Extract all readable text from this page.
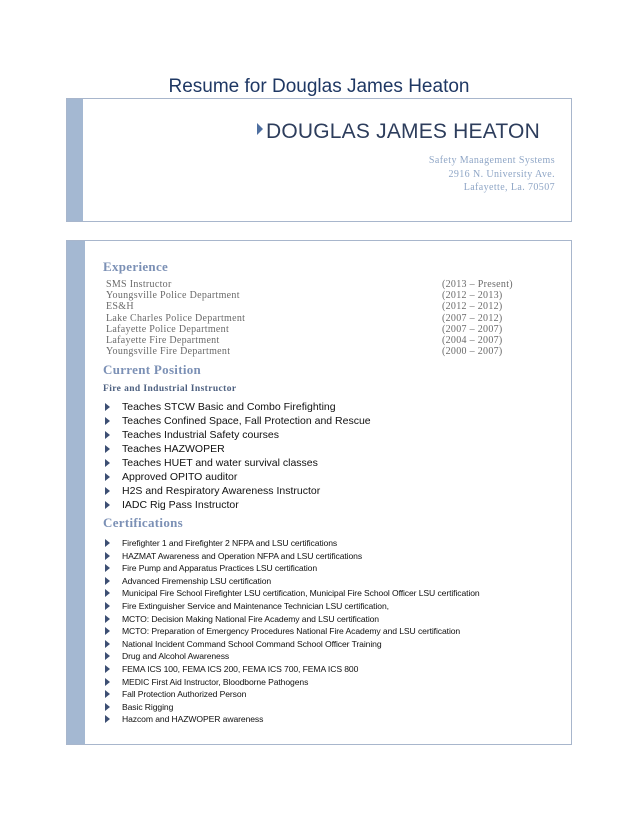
Resume for Douglas James Heaton
DOUGLAS JAMES HEATON
Safety Management Systems
2916 N. University Ave.
Lafayette, La. 70507
Experience
SMS Instructor	(2013 – Present)
Youngsville Police Department	(2012 – 2013)
ES&H	(2012 – 2012)
Lake Charles Police Department	(2007 – 2012)
Lafayette Police Department	(2007 – 2007)
Lafayette Fire Department	(2004 – 2007)
Youngsville Fire Department	(2000 – 2007)
Current Position
Fire and Industrial Instructor
Teaches STCW Basic and Combo Firefighting
Teaches Confined Space, Fall Protection and Rescue
Teaches Industrial Safety courses
Teaches HAZWOPER
Teaches HUET and water survival classes
Approved OPITO auditor
H2S and Respiratory Awareness Instructor
IADC Rig Pass Instructor
Certifications
Firefighter 1 and Firefighter 2 NFPA and LSU certifications
HAZMAT Awareness and Operation NFPA and LSU certifications
Fire Pump and Apparatus Practices LSU certification
Advanced Firemenship LSU certification
Municipal Fire School Firefighter LSU certification, Municipal Fire School Officer LSU certification
Fire Extinguisher Service and Maintenance Technician LSU certification,
MCTO: Decision Making National Fire Academy and LSU certification
MCTO: Preparation of Emergency Procedures National Fire Academy and LSU certification
National Incident Command School Command School Officer Training
Drug and Alcohol Awareness
FEMA ICS 100, FEMA ICS 200, FEMA ICS 700, FEMA ICS 800
MEDIC First Aid Instructor, Bloodborne Pathogens
Fall Protection Authorized Person
Basic Rigging
Hazcom and HAZWOPER awareness
